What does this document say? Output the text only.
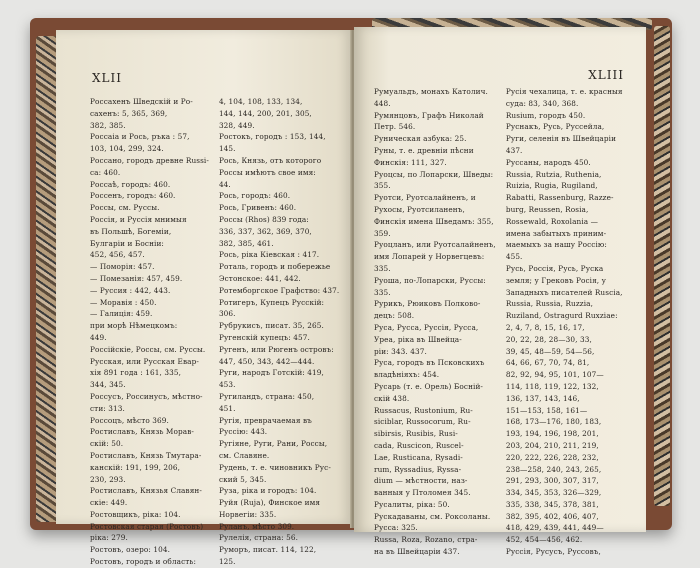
XLII

Россахенъ Шведскій и Ро-

сахенъ: 5, 365, 369,

382, 385.

Россаіа и Рось, ръка : 57,

103, 104, 299, 324.

Россано, городъ древне Russi-

са: 460.

Россаѣ, городъ: 460.

Россенъ, городъ: 460.

Россы, см. Руссы.

Россія, и Руссія мнимыя

въ Польшѣ, Богеміи,

Булгаріи и Босніи:

452, 456, 457.

— Поморія: 457.

— Помезанія: 457, 459.

— Руссия : 442, 443.

— Моравія : 450.

— Галиція: 459.

при морѣ Нѣмецкомъ:

449.

Россійскіе, Россы, см. Руссы.

Русская, или Русская Евар-

хія 891 года : 161, 335,

344, 345.

Россусъ, Россинусъ, мѣстно-

сти: 313.

Россоцъ, мѣсто 369.

Ростиславъ, Князь Морав-

скій: 50.

Ростиславъ, Князь Тмутара-

канскій: 191, 199, 206,

230, 293.

Ростиславъ, Князья Славян-

скіе: 449.

Ростовщикъ, ріка: 104.

Ростовская старая (Ростовъ)

ріка: 279.

Ростовъ, озеро: 104.

Ростовъ, городъ и область:

4, 104, 108, 133, 134,

144, 144, 200, 201, 305,

328, 449.

Ростокъ, городъ : 153, 144,

145.

Рось, Князь, отъ которого

Россы имѣютъ свое имя:

44.

Рось, городъ: 460.

Рось, Гривенъ: 460.

Россы (Rhos) 839 года:

336, 337, 362, 369, 370,

382, 385, 461.

Рось, ріка Кіевская : 417.

Роталь, городъ и побережье

Эстонское: 441, 442.

Ротемборгское Графство: 437.

Ротигеръ, Купецъ Русскій:

306.

Рубрукисъ, писат. 35, 265.

Ругенскій купецъ: 457.

Ругенъ, или Рюгенъ островъ:

447, 450, 343, 442—444.

Руги, народъ Готскій: 419,

453.

Ругиландъ, страна: 450,

451.

Ругія, преврачаемая въ

Руссію: 443.

Ругіяне, Руги, Рани, Россы,

см. Славяне.

Рудень, т. е. чиновникъ Рус-

ский 5, 345.

Руза, ріка и городъ: 104.

Руйя (Ruja), Финское имя

Норвегіи: 335.

Руланъ, мѣсто 309.

Рулелія, страна: 56.

Руморъ, писат. 114, 122,

125.

XLIII

Румуальдъ, монахъ Католич.

448.

Румянцовъ, Графъ Николай

Петр. 546.

Руническая азбука: 25.

Руны, т. е. древніи пѣсни

Финскія: 111, 327.

Руоцсы, по Лопарски, Шведы:

355.

Руотси, Руотсалайненъ, и

Рухосы, Руотсиланенъ,

Финскія имена Шведамъ: 355,

359.

Руоцланъ, или Руотсалайненъ,

имя Лопарей у Норвегцевъ:

335.

Руоша, по-Лопарски, Руссы:

335.

Рурикъ, Рюиковъ Полково-

децъ: 508.

Руса, Русса, Руссія, Русса,

Уреа, ріка въ Швейца-

ріи: 343. 437.

Руса, городъ въ Псковскихъ

владѣніяхъ: 454.

Русарь (т. е. Орель) Босній-

скій 438.

Russacus, Rustonium, Ru-

siciblar, Russocorum, Ru-

sibirsis, Rusibis, Rusi-

cada, Ruscicon, Ruscel-

Lae, Rusticana, Rysadi-

rum, Ryssadius, Ryssa-

dium — мѣстности, наз-

ванныя у Птоломея 345.

Руcaлиты, ріка: 50.

Рускадаваны, см. Роксоланы.

Русса: 325.

Russa, Roza, Rozano, стра-

на въ Швейцаріи 437.

Русія чехалица, т. е. красныя

суда: 83, 340, 368.

Rusium, городъ 450.

Руснакъ, Русь, Руссейла,

Руги, селенія въ Швейцаріи

437.

Руссаны, народъ 450.

Russia, Rutzia, Ruthenia,

Ruizia, Rugia, Rugiland,

Rabatti, Rassenburg, Razze-

burg, Reussen, Rosia,

Rossewald, Roxolania —

имена забытыхъ приним-

маемыхъ за нашу Россію:

455.

Русь, Россія, Русь, Руска

земля; у Грековъ Росія, у

Западныхъ писателей Ruscia,

Russia, Russia, Ruzzia,

Ruziland, Ostragurd Ruxziae:

2, 4, 7, 8, 15, 16, 17,

20, 22, 28, 28—30, 33,

39, 45, 48—59, 54—56,

64, 66, 67, 70, 74, 81,

82, 92, 94, 95, 101, 107—

114, 118, 119, 122, 132,

136, 137, 143, 146,

151—153, 158, 161—

168, 173—176, 180, 183,

193, 194, 196, 198, 201,

203, 204, 210, 211, 219,

220, 222, 226, 228, 232,

238—258, 240, 243, 265,

291, 293, 300, 307, 317,

334, 345, 353, 326—329,

335, 338, 345, 378, 381,

382, 395, 402, 406, 407,

418, 429, 439, 441, 449—

452, 454—456, 462.

Руссія, Русусъ, Руссовъ,
